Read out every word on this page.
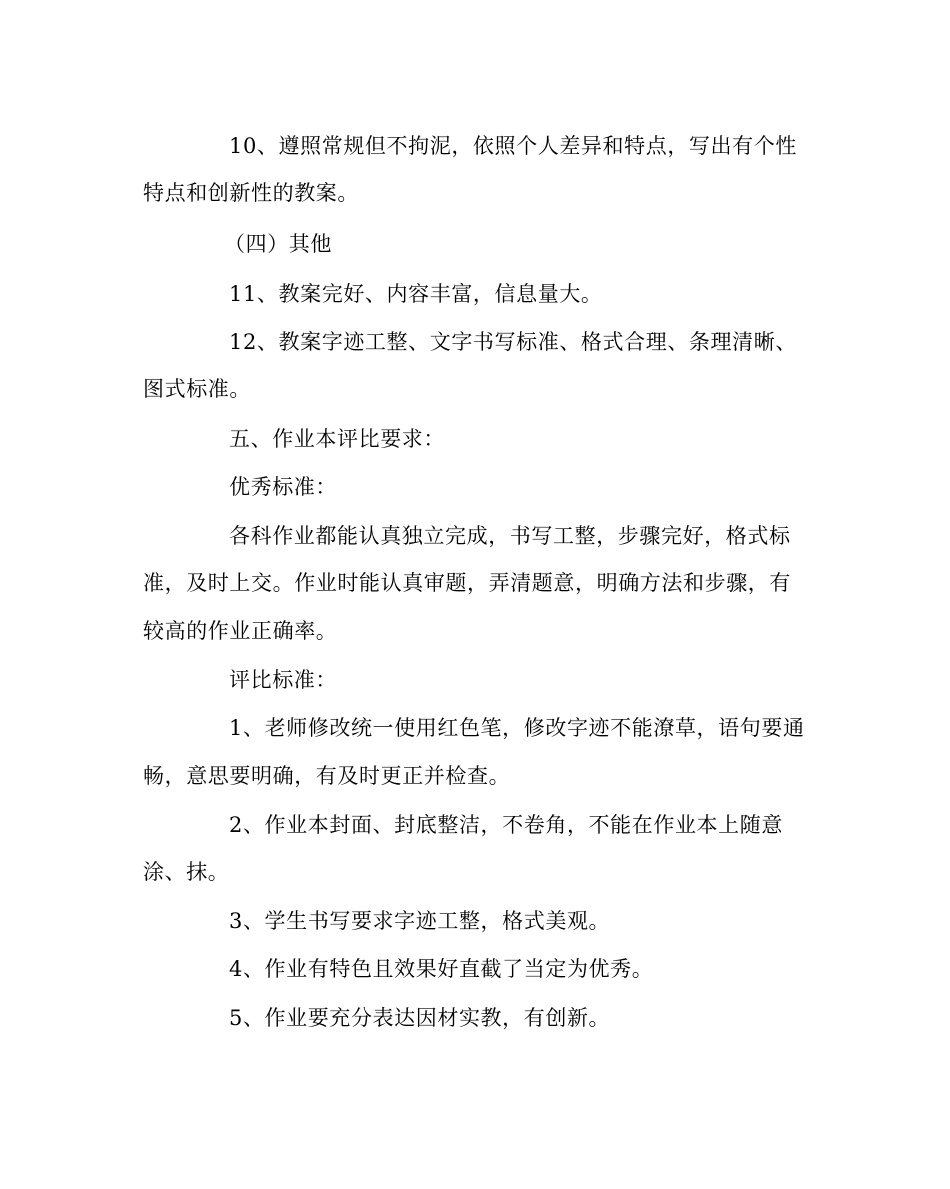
10、遵照常规但不拘泥，依照个人差异和特点，写出有个性
特点和创新性的教案。
（四）其他
11、教案完好、内容丰富，信息量大。
12、教案字迹工整、文字书写标准、格式合理、条理清晰、
图式标准。
五、作业本评比要求：
优秀标准：
各科作业都能认真独立完成，书写工整，步骤完好，格式标
准，及时上交。作业时能认真审题，弄清题意，明确方法和步骤，有
较高的作业正确率。
评比标准：
1、老师修改统一使用红色笔，修改字迹不能潦草，语句要通
畅，意思要明确，有及时更正并检查。
2、作业本封面、封底整洁，不卷角，不能在作业本上随意
涂、抹。
3、学生书写要求字迹工整，格式美观。
4、作业有特色且效果好直截了当定为优秀。
5、作业要充分表达因材实教，有创新。
